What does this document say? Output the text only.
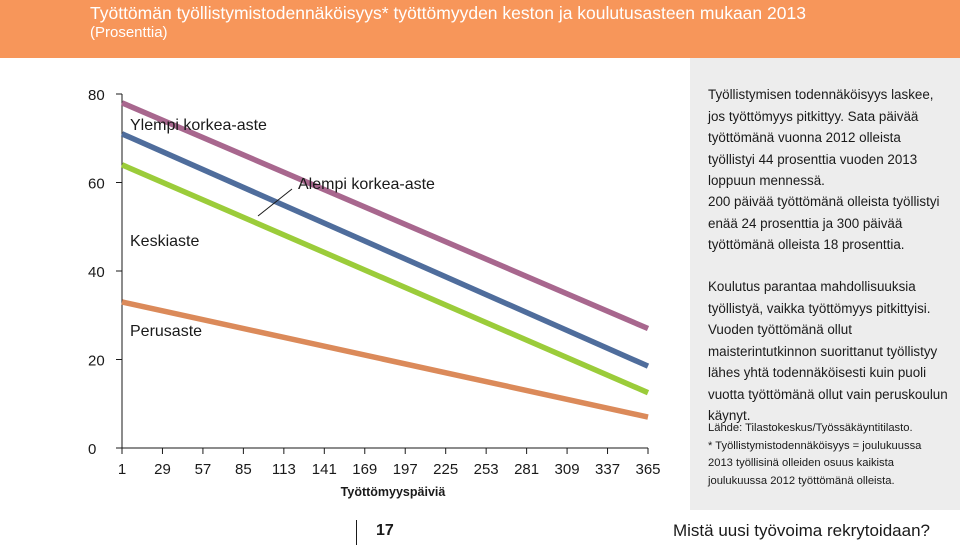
Työttömän työllistymistodennäköisyys* työttömyyden keston ja koulutusasteen mukaan 2013
(Prosenttia)
0
20
40
60
80
1 29 57 85 113 141 169 197 225 253 281 309 337 365
Ylempi korkea-aste
Alempi korkea-aste
Keskiaste
Perusaste
Työttömyyspäiviä

Työllistymisen todennäköisyys laskee, jos työttömyys pitkittyy. Sata päivää työttömänä vuonna 2012 olleista työllistyi 44 prosenttia vuoden 2013 loppuun mennessä.

200 päivää työttömänä olleista työllistyi enää 24 prosenttia ja 300 päivää työttömänä olleista 18 prosenttia.

Koulutus parantaa mahdollisuuksia työllistyä, vaikka työttömyys pitkittyisi. Vuoden työttömänä ollut maisterintutkinnon suorittanut työllistyy lähes yhtä todennäköisesti kuin puoli vuotta työttömänä ollut vain peruskoulun käynyt.

Lähde: Tilastokeskus/Työssäkäyntitilasto.
* Työllistymistodennäköisyys = joulukuussa 2013 työllisinä olleiden osuus kaikista joulukuussa 2012 työttömänä olleista.
17	Mistä uusi työvoima rekrytoidaan?
